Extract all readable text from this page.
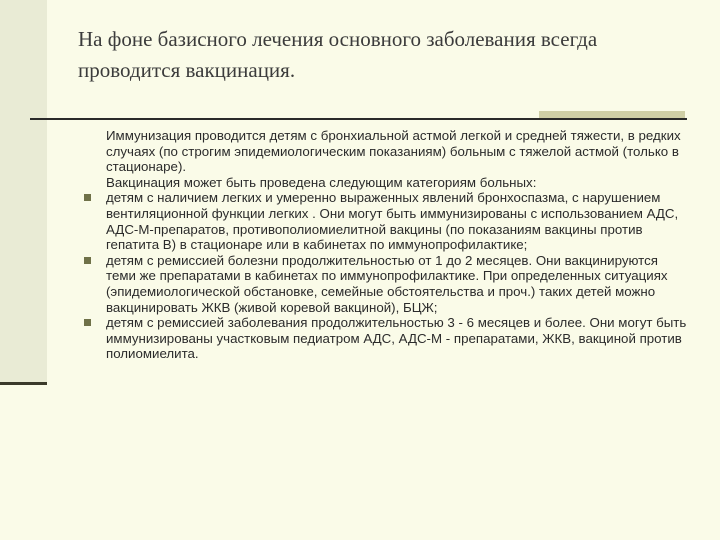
На фоне базисного лечения основного заболевания всегда проводится вакцинация.

Иммунизация проводится детям с бронхиальной астмой легкой и средней тяжести, в редких случаях (по строгим эпидемиологическим показаниям) больным с тяжелой астмой (только в стационаре).

Вакцинация может быть проведена следующим категориям больных:

детям с наличием легких и умеренно выраженных явлений бронхоспазма, с нарушением вентиляционной функции легких . Они могут быть иммунизированы с использованием АДС, АДС-М-препаратов, противополиомиелитной вакцины (по показаниям вакцины против гепатита В) в стационаре или в кабинетах по иммунопрофилактике;

детям с ремиссией болезни продолжительностью от 1 до 2 месяцев. Они вакцинируются теми же препаратами в кабинетах по иммунопрофилактике. При определенных ситуациях (эпидемиологической обстановке, семейные обстоятельства и проч.) таких детей можно вакцинировать ЖКВ (живой коревой вакциной), БЦЖ;

детям с ремиссией заболевания продолжительностью 3 - 6 месяцев и более. Они могут быть иммунизированы участковым педиатром АДС, АДС-М - препаратами, ЖКВ, вакциной против полиомиелита.
